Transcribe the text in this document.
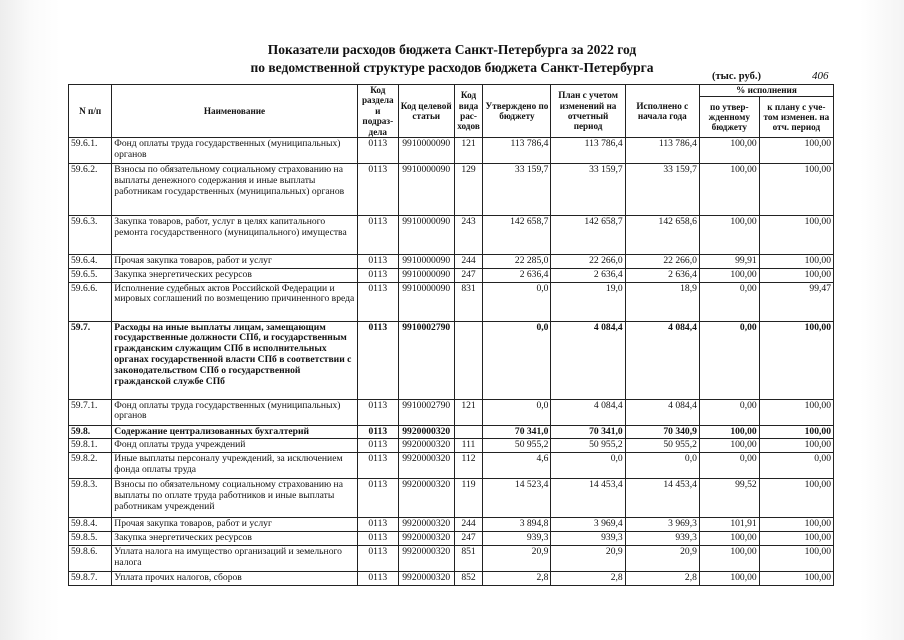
Показатели расходов бюджета Санкт-Петербурга за 2022 год
по ведомственной структуре расходов бюджета Санкт-Петербурга
(тыс. руб.)	406
N п/п	Наименование	Код раздела и подраз-дела	Код целевой статьи	Код вида рас-ходов	Утверждено по бюджету	План с учетом изменений на отчетный период	Исполнено с начала года	% исполнения	
								по утвер-жденному бюджету	к плану с уче-том изменен. на отч. период
59.6.1.	Фонд оплаты труда государственных (муниципальных) органов	0113	9910000090	121	113 786,4	113 786,4	113 786,4	100,00	100,00
59.6.2.	Взносы по обязательному социальному страхованию на выплаты денежного содержания и иные выплаты работникам государственных (муниципальных) органов	0113	9910000090	129	33 159,7	33 159,7	33 159,7	100,00	100,00
59.6.3.	Закупка товаров, работ, услуг в целях капитального ремонта государственного (муниципального) имущества	0113	9910000090	243	142 658,7	142 658,7	142 658,6	100,00	100,00
59.6.4.	Прочая закупка товаров, работ и услуг	0113	9910000090	244	22 285,0	22 266,0	22 266,0	99,91	100,00
59.6.5.	Закупка энергетических ресурсов	0113	9910000090	247	2 636,4	2 636,4	2 636,4	100,00	100,00
59.6.6.	Исполнение судебных актов Российской Федерации и мировых соглашений по возмещению причиненного вреда	0113	9910000090	831	0,0	19,0	18,9	0,00	99,47
59.7.	Расходы на иные выплаты лицам, замещающим государственные должности СПб, и государственным гражданским служащим СПб в исполнительных органах государственной власти СПб в соответствии с законодательством СПб о государственной гражданской службе СПб	0113	9910002790		0,0	4 084,4	4 084,4	0,00	100,00
59.7.1.	Фонд оплаты труда государственных (муниципальных) органов	0113	9910002790	121	0,0	4 084,4	4 084,4	0,00	100,00
59.8.	Содержание централизованных бухгалтерий	0113	9920000320		70 341,0	70 341,0	70 340,9	100,00	100,00
59.8.1.	Фонд оплаты труда учреждений	0113	9920000320	111	50 955,2	50 955,2	50 955,2	100,00	100,00
59.8.2.	Иные выплаты персоналу учреждений, за исключением фонда оплаты труда	0113	9920000320	112	4,6	0,0	0,0	0,00	0,00
59.8.3.	Взносы по обязательному социальному страхованию на выплаты по оплате труда работников и иные выплаты работникам учреждений	0113	9920000320	119	14 523,4	14 453,4	14 453,4	99,52	100,00
59.8.4.	Прочая закупка товаров, работ и услуг	0113	9920000320	244	3 894,8	3 969,4	3 969,3	101,91	100,00
59.8.5.	Закупка энергетических ресурсов	0113	9920000320	247	939,3	939,3	939,3	100,00	100,00
59.8.6.	Уплата налога на имущество организаций и земельного налога	0113	9920000320	851	20,9	20,9	20,9	100,00	100,00
59.8.7.	Уплата прочих налогов, сборов	0113	9920000320	852	2,8	2,8	2,8	100,00	100,00
